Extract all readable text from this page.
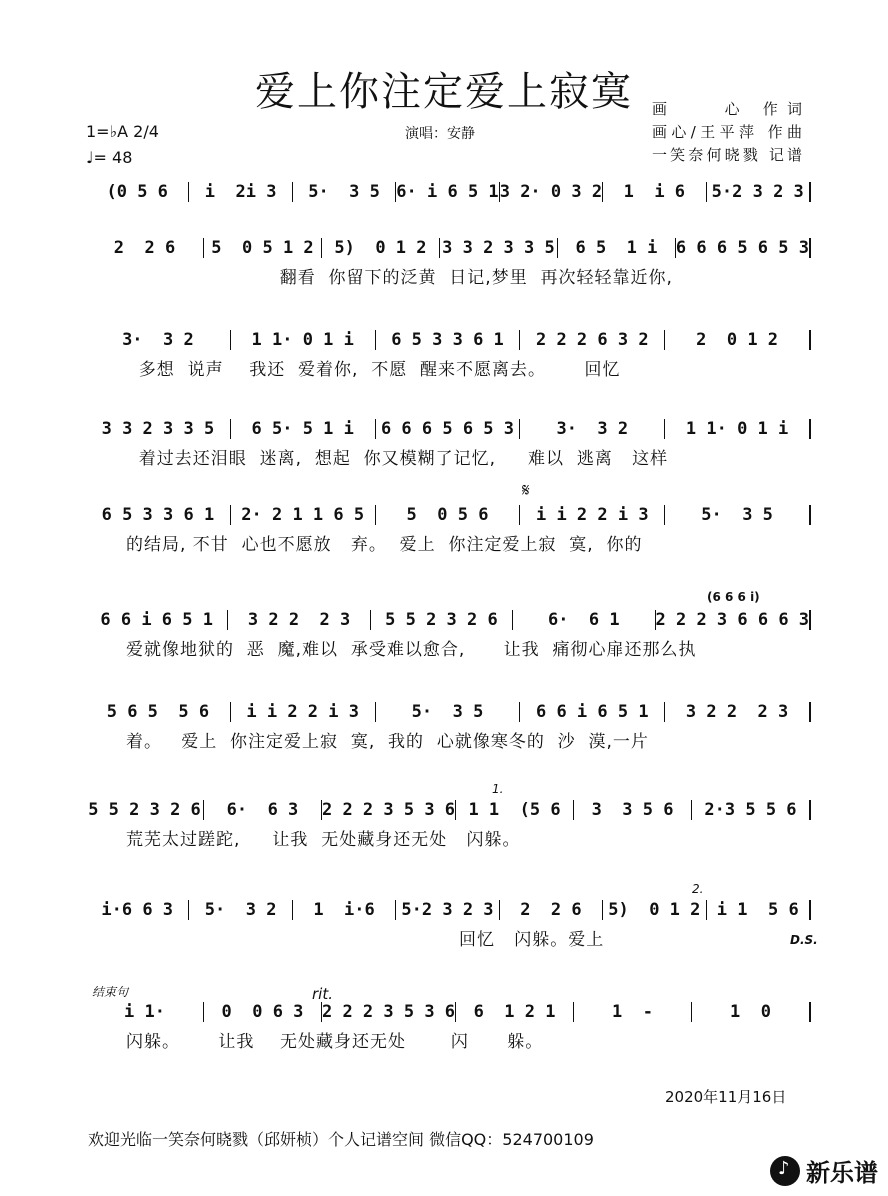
爱上你注定爱上寂寞	画　　心 作词
画心/王平萍 作曲
一笑奈何晓戮 记谱
1=♭A 2/4
♩= 48
演唱：安静
(0 5 6	i  2i 3	5·  3 5 6· i 6 5 1 3 2· 0 3 2	1  i 6	5·2 3 2 3
2  2 6	5  0 5 1 2	5)  0 1 2 3 3 2 3 3 5	6 5  1 i	6 6 6 5 6 5 3
翻看  你留下的泛黄  日记,梦里  再次轻轻靠近你,
3·  3 2	1 1· 0 1 i	6 5 3 3 6 1	2 2 2 6 3 2	2  0 1 2
多想  说声    我还  爱着你,  不愿  醒来不愿离去。      回忆
3 3 2 3 3 5	6 5· 5 1 i	6 6 6 5 6 5 3	3·  3 2	1 1· 0 1 i
着过去还泪眼  迷离,  想起  你又模糊了记忆,     难以  逃离   这样
6 5 3 3 6 1	2· 2 1 1 6 5	5  0 5 6	i i 2 2 i 3	5·  3 5
的结局, 不甘  心也不愿放   弃。  爱上  你注定爱上寂  寞,  你的
6 6 i 6 5 1	3 2 2  2 3	5 5 2 3 2 6	6·  6 1	2 2 2 3 6 6 6 3
爱就像地狱的  恶  魔,难以  承受难以愈合,      让我  痛彻心扉还那么执
5 6 5  5 6	i i 2 2 i 3	5·  3 5	6 6 i 6 5 1	3 2 2  2 3
着。   爱上  你注定爱上寂  寞,  我的  心就像寒冬的  沙  漠,一片
5 5 2 3 2 6	6·  6 3	2 2 2 3 5 3 6 1 1  (5 6	3  3 5 6	2·3 5 5 6
荒芜太过蹉跎,     让我  无处藏身还无处   闪躲。
i·6 6 3	5·  3 2	1  i·6	5·2 3 2 3	2  2 6	5)  0 1 2 i 1  5 6
回忆   闪躲。爱上
i 1·	0  0 6 3	2 2 2 3 5 3 6	6  1 2 1	1  -	1  0
闪躲。      让我    无处藏身还无处       闪      躲。
1.
2.
结束句	rit.
D.S.
𝄋
(6 6 6 i)
2020年11月16日
欢迎光临一笑奈何晓戮（邱妍桢）个人记谱空间 微信QQ：524700109
♪
新乐谱
